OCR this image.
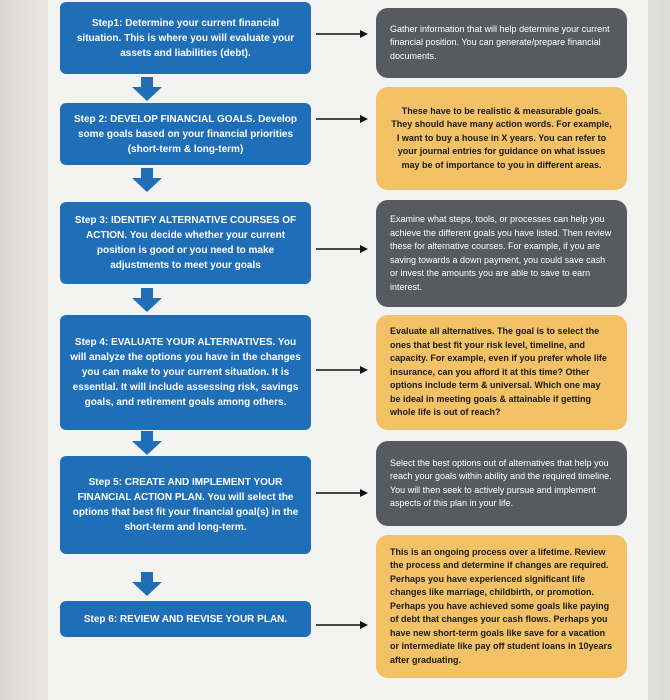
Step1: Determine your current financial situation. This is where you will evaluate your assets and liabilities (debt).
Step 2: DEVELOP FINANCIAL GOALS. Develop some goals based on your financial priorities (short-term & long-term)
Step 3: IDENTIFY ALTERNATIVE COURSES OF ACTION. You decide whether your current position is good or you need to make adjustments to meet your goals
Step 4: EVALUATE YOUR ALTERNATIVES. You will analyze the options you have in the changes you can make to your current situation. It is essential. It will include assessing risk, savings goals, and retirement goals among others.
Step 5: CREATE AND IMPLEMENT YOUR FINANCIAL ACTION PLAN. You will select the options that best fit your financial goal(s) in the short-term and long-term.
Step 6: REVIEW AND REVISE YOUR PLAN.
Gather information that will help determine your current financial position. You can generate/prepare financial documents.
These have to be realistic & measurable goals. They should have many action words. For example, I want to buy a house in X years. You can refer to your journal entries for guidance on what issues may be of importance to you in different areas.
Examine what steps, tools, or processes can help you achieve the different goals you have listed. Then review these for alternative courses. For example, if you are saving towards a down payment, you could save cash or invest the amounts you are able to save to earn interest.
Evaluate all alternatives. The goal is to select the ones that best fit your risk level, timeline, and capacity. For example, even if you prefer whole life insurance, can you afford it at this time? Other options include term & universal. Which one may be ideal in meeting goals & attainable if getting whole life is out of reach?
Select the best options out of alternatives that help you reach your goals within ability and the required timeline. You will then seek to actively pursue and implement aspects of this plan in your life.
This is an ongoing process over a lifetime. Review the process and determine if changes are required. Perhaps you have experienced significant life changes like marriage, childbirth, or promotion. Perhaps you have achieved some goals like paying of debt that changes your cash flows. Perhaps you have new short-term goals like save for a vacation or intermediate like pay off student loans in 10years after graduating.
